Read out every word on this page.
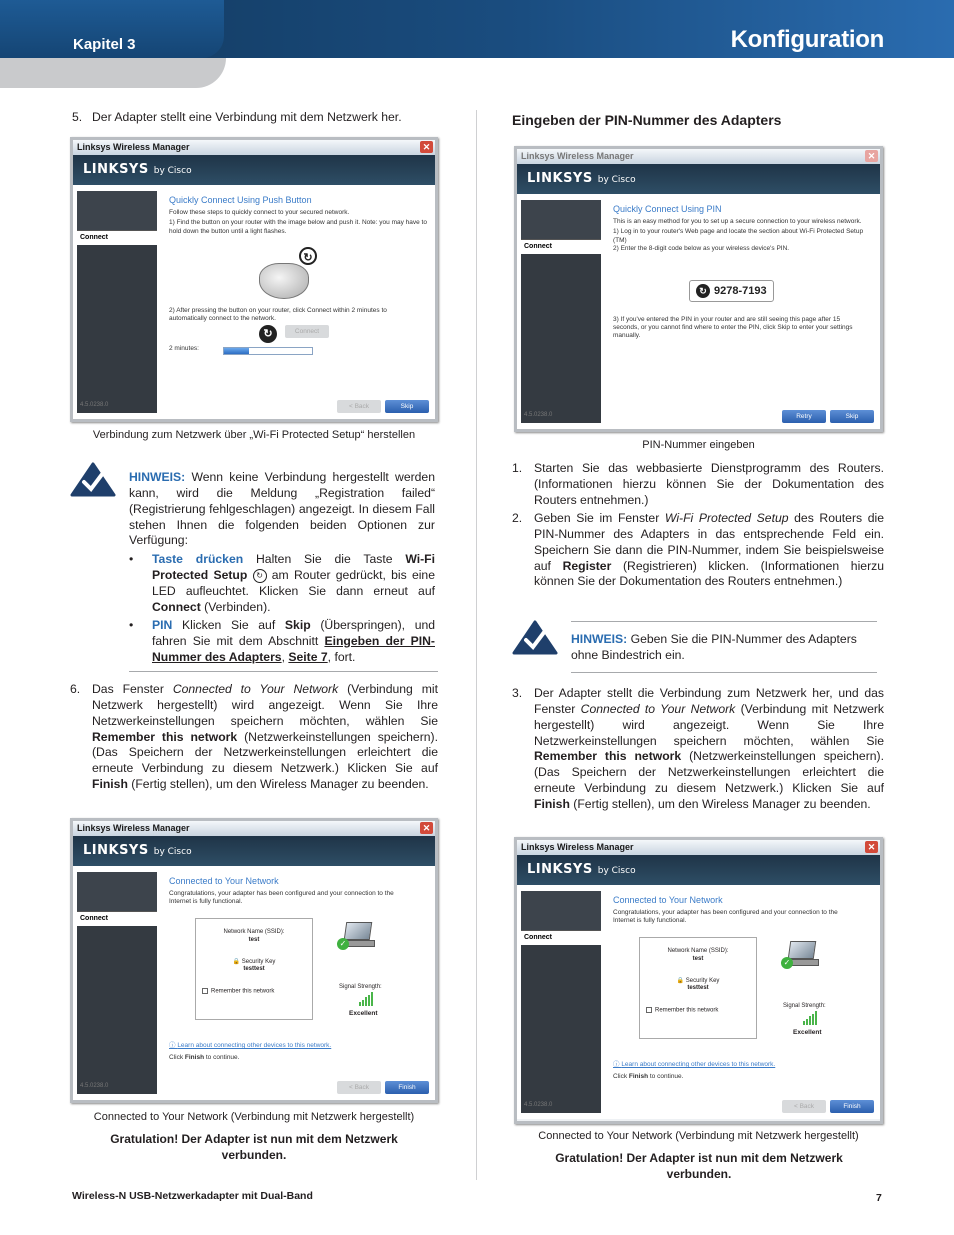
Kapitel 3	Konfiguration
5. Der Adapter stellt eine Verbindung mit dem Netzwerk her.
Linksys Wireless Manager	✕
LINKSYS by Cisco
Connect
4.5.0238.0
Quickly Connect Using Push Button
Follow these steps to quickly connect to your secured network.
1) Find the button on your router with the image below and push it. Note: you may have to hold down the button until a light flashes.
2) After pressing the button on your router, click Connect within 2 minutes to automatically connect to the network.
2 minutes:
↻
↻	Connect
< Back	Skip
Verbindung zum Netzwerk über „Wi-Fi Protected Setup“ herstellen
HINWEIS: Wenn keine Verbindung hergestellt werden kann, wird die Meldung „Registration failed“ (Registrierung fehlgeschlagen) angezeigt. In diesem Fall stehen Ihnen die folgenden beiden Optionen zur Verfügung:
• Taste drücken Halten Sie die Taste Wi-Fi Protected Setup ↻ am Router gedrückt, bis eine LED aufleuchtet. Klicken Sie dann erneut auf Connect (Verbinden).
• PIN Klicken Sie auf Skip (Überspringen), und fahren Sie mit dem Abschnitt Eingeben der PIN-Nummer des Adapters, Seite 7, fort.
6. Das Fenster Connected to Your Network (Verbindung mit Netzwerk hergestellt) wird angezeigt. Wenn Sie Ihre Netzwerkeinstellungen speichern möchten, wählen Sie Remember this network (Netzwerkeinstellungen speichern). (Das Speichern der Netzwerkeinstellungen erleichtert die erneute Verbindung zu diesem Netzwerk.) Klicken Sie auf Finish (Fertig stellen), um den Wireless Manager zu beenden.
Linksys Wireless Manager	✕
LINKSYS by Cisco
Connect
4.5.0238.0
Connected to Your Network
Congratulations, your adapter has been configured and your connection to the Internet is fully functional.
ⓘ Learn about connecting other devices to this network.
Click Finish to continue.
Network Name (SSID):
test
🔒 Security Key
testtest
Remember this network
✓
Signal Strength:
Excellent
< Back	Finish
Connected to Your Network (Verbindung mit Netzwerk hergestellt)
Gratulation! Der Adapter ist nun mit dem Netzwerk verbunden.
Eingeben der PIN-Nummer des Adapters
Linksys Wireless Manager	✕
LINKSYS by Cisco
Connect
4.5.0238.0
Quickly Connect Using PIN
This is an easy method for you to set up a secure connection to your wireless network.
1) Log in to your router's Web page and locate the section about Wi-Fi Protected Setup (TM)
2) Enter the 8-digit code below as your wireless device's PIN.
3) If you've entered the PIN in your router and are still seeing this page after 15 seconds, or you cannot find where to enter the PIN, click Skip to enter your settings manually.
↻ 9278-7193
Retry	Skip
PIN-Nummer eingeben
1. Starten Sie das webbasierte Dienstprogramm des Routers. (Informationen hierzu können Sie der Dokumentation des Routers entnehmen.)
2. Geben Sie im Fenster Wi-Fi Protected Setup des Routers die PIN-Nummer des Adapters in das entsprechende Feld ein. Speichern Sie dann die PIN-Nummer, indem Sie beispielsweise auf Register (Registrieren) klicken. (Informationen hierzu können Sie der Dokumentation des Routers entnehmen.)
HINWEIS: Geben Sie die PIN-Nummer des Adapters ohne Bindestrich ein.
3. Der Adapter stellt die Verbindung zum Netzwerk her, und das Fenster Connected to Your Network (Verbindung mit Netzwerk hergestellt) wird angezeigt. Wenn Sie Ihre Netzwerkeinstellungen speichern möchten, wählen Sie Remember this network (Netzwerkeinstellungen speichern). (Das Speichern der Netzwerkeinstellungen erleichtert die erneute Verbindung zu diesem Netzwerk.) Klicken Sie auf Finish (Fertig stellen), um den Wireless Manager zu beenden.
Linksys Wireless Manager	✕
LINKSYS by Cisco
Connect
4.5.0238.0
Connected to Your Network
Congratulations, your adapter has been configured and your connection to the Internet is fully functional.
ⓘ Learn about connecting other devices to this network.
Click Finish to continue.
Network Name (SSID):
test
🔒 Security Key
testtest
Remember this network
✓
Signal Strength:
Excellent
< Back	Finish
Connected to Your Network (Verbindung mit Netzwerk hergestellt)
Gratulation! Der Adapter ist nun mit dem Netzwerk verbunden.
Wireless-N USB-Netzwerkadapter mit Dual-Band	7
